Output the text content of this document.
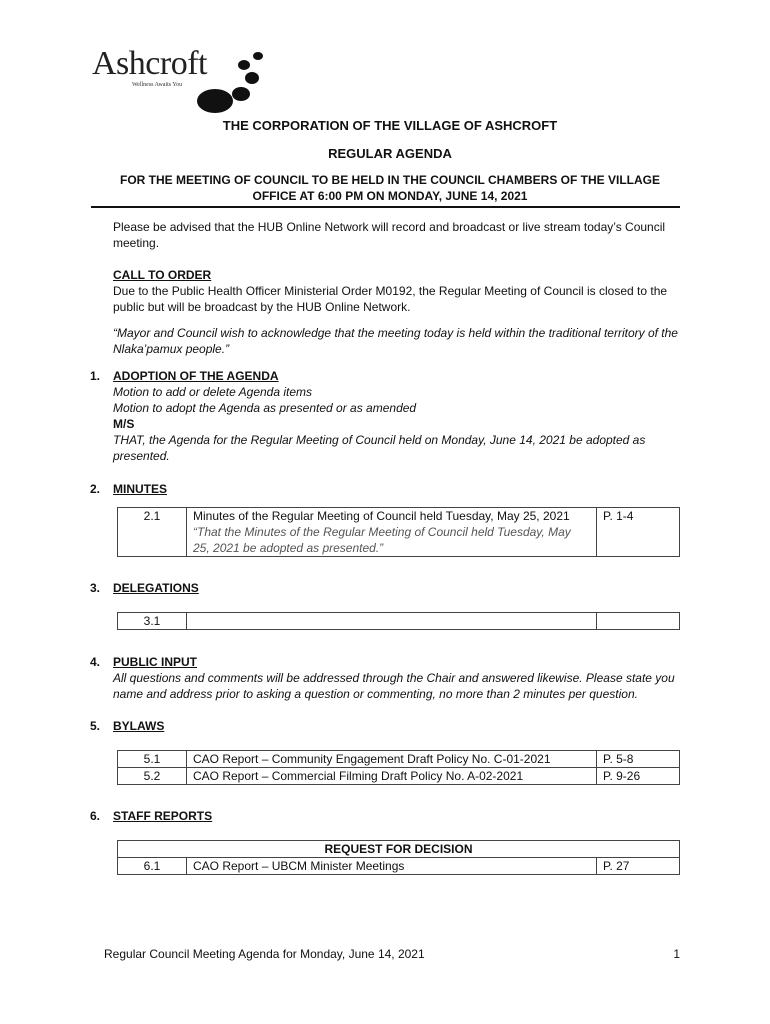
Ashcroft
Wellness Awaits You
THE CORPORATION OF THE VILLAGE OF ASHCROFT
REGULAR AGENDA
FOR THE MEETING OF COUNCIL TO BE HELD IN THE COUNCIL CHAMBERS OF THE VILLAGE
OFFICE AT 6:00 PM ON MONDAY, JUNE 14, 2021
Please be advised that the HUB Online Network will record and broadcast or live stream today’s Council meeting.
CALL TO ORDER
Due to the Public Health Officer Ministerial Order M0192, the Regular Meeting of Council is closed to the public but will be broadcast by the HUB Online Network.
“Mayor and Council wish to acknowledge that the meeting today is held within the traditional territory of the Nlaka’pamux people.”
1. ADOPTION OF THE AGENDA
Motion to add or delete Agenda items
Motion to adopt the Agenda as presented or as amended
M/S
THAT, the Agenda for the Regular Meeting of Council held on Monday, June 14, 2021 be adopted as presented.
2. MINUTES
2.1	Minutes of the Regular Meeting of Council held Tuesday, May 25, 2021
“That the Minutes of the Regular Meeting of Council held Tuesday, May 25, 2021 be adopted as presented.”
	P. 1-4
3. DELEGATIONS
3.1		
4. PUBLIC INPUT
All questions and comments will be addressed through the Chair and answered likewise. Please state you name and address prior to asking a question or commenting, no more than 2 minutes per question.
5. BYLAWS
5.1	CAO Report – Community Engagement Draft Policy No. C-01-2021	P. 5-8
5.2	CAO Report – Commercial Filming Draft Policy No. A-02-2021	P. 9-26
6. STAFF REPORTS
REQUEST FOR DECISION
6.1	CAO Report – UBCM Minister Meetings	P. 27
Regular Council Meeting Agenda for Monday, June 14, 2021	1
